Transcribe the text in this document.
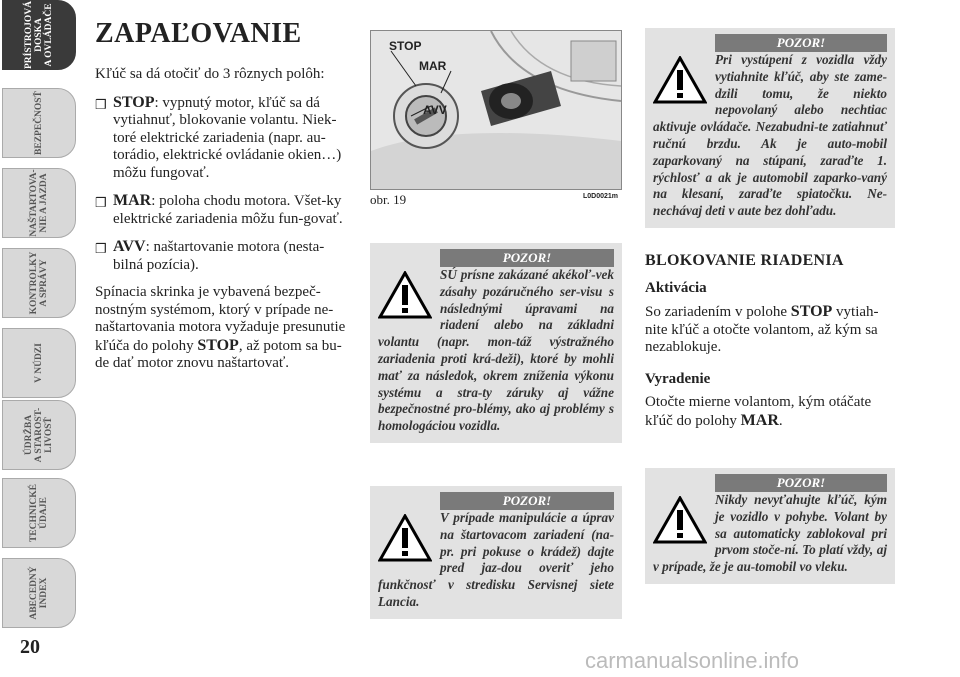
PRÍSTROJOVÁ
DOSKA
A OVLÁDAČE
BEZPEČNOSŤ
NAŠTARTOVA-
NIE A JAZDA
KONTROLKY
A SPRÁVY
V NÚDZI
ÚDRŽBA
A STAROST-
LIVOSŤ
TECHNICKÉ
ÚDAJE
ABECEDNÝ
INDEX
20
carmanualsonline.info
ZAPAĽOVANIE

Kľúč sa dá otočiť do 3 rôznych polôh:

❒ STOP: vypnutý motor, kľúč sa dá vytiahnuť, blokovanie volantu. Niek-toré elektrické zariadenia (napr. au-torádio, elektrické ovládanie okien…) môžu fungovať.
❒ MAR: poloha chodu motora. Všet-ky elektrické zariadenia môžu fun-govať.
❒ AVV: naštartovanie motora (nesta-bilná pozícia).

Spínacia skrinka je vybavená bezpeč-nostným systémom, ktorý v prípade ne-naštartovania motora vyžaduje presunutie kľúča do polohy STOP, až potom sa bu-de dať motor znovu naštartovať.

STOP
MAR
AVV
obr. 19	L0D0021m
POZOR!
SÚ prísne zakázané akékoľ-vek zásahy pozáručného ser-visu s následnými úpravami na riadení alebo na základni volantu (napr. mon-táž výstražného zariadenia proti krá-deži), ktoré by mohli mať za následok, okrem zníženia výkonu systému a stra-ty záruky aj vážne bezpečnostné pro-blémy, ako aj problémy s homologáciou vozidla.
POZOR!
V prípade manipulácie a úprav na štartovacom zariadení (na-pr. pri pokuse o krádež) dajte pred jaz-dou overiť jeho funkčnosť v stredisku Servisnej siete Lancia.
POZOR!
Pri vystúpení z vozidla vždy vytiahnite kľúč, aby ste zame-dzili tomu, že niekto nepovolaný alebo nechtiac aktivuje ovládače. Nezabudni-te zatiahnuť ručnú brzdu. Ak je auto-mobil zaparkovaný na stúpaní, zaraďte 1. rýchlosť a ak je automobil zaparko-vaný na klesaní, zaraďte spiatočku. Ne-nechávaj deti v aute bez dohľadu.
BLOKOVANIE RIADENIA
Aktivácia

So zariadením v polohe STOP vytiah-nite kľúč a otočte volantom, až kým sa nezablokuje.

Vyradenie

Otočte mierne volantom, kým otáčate kľúč do polohy MAR.

POZOR!
Nikdy nevyťahujte kľúč, kým je vozidlo v pohybe. Volant by sa automaticky zablokoval pri prvom stoče-ní. To platí vždy, aj v prípade, že je au-tomobil vo vleku.
